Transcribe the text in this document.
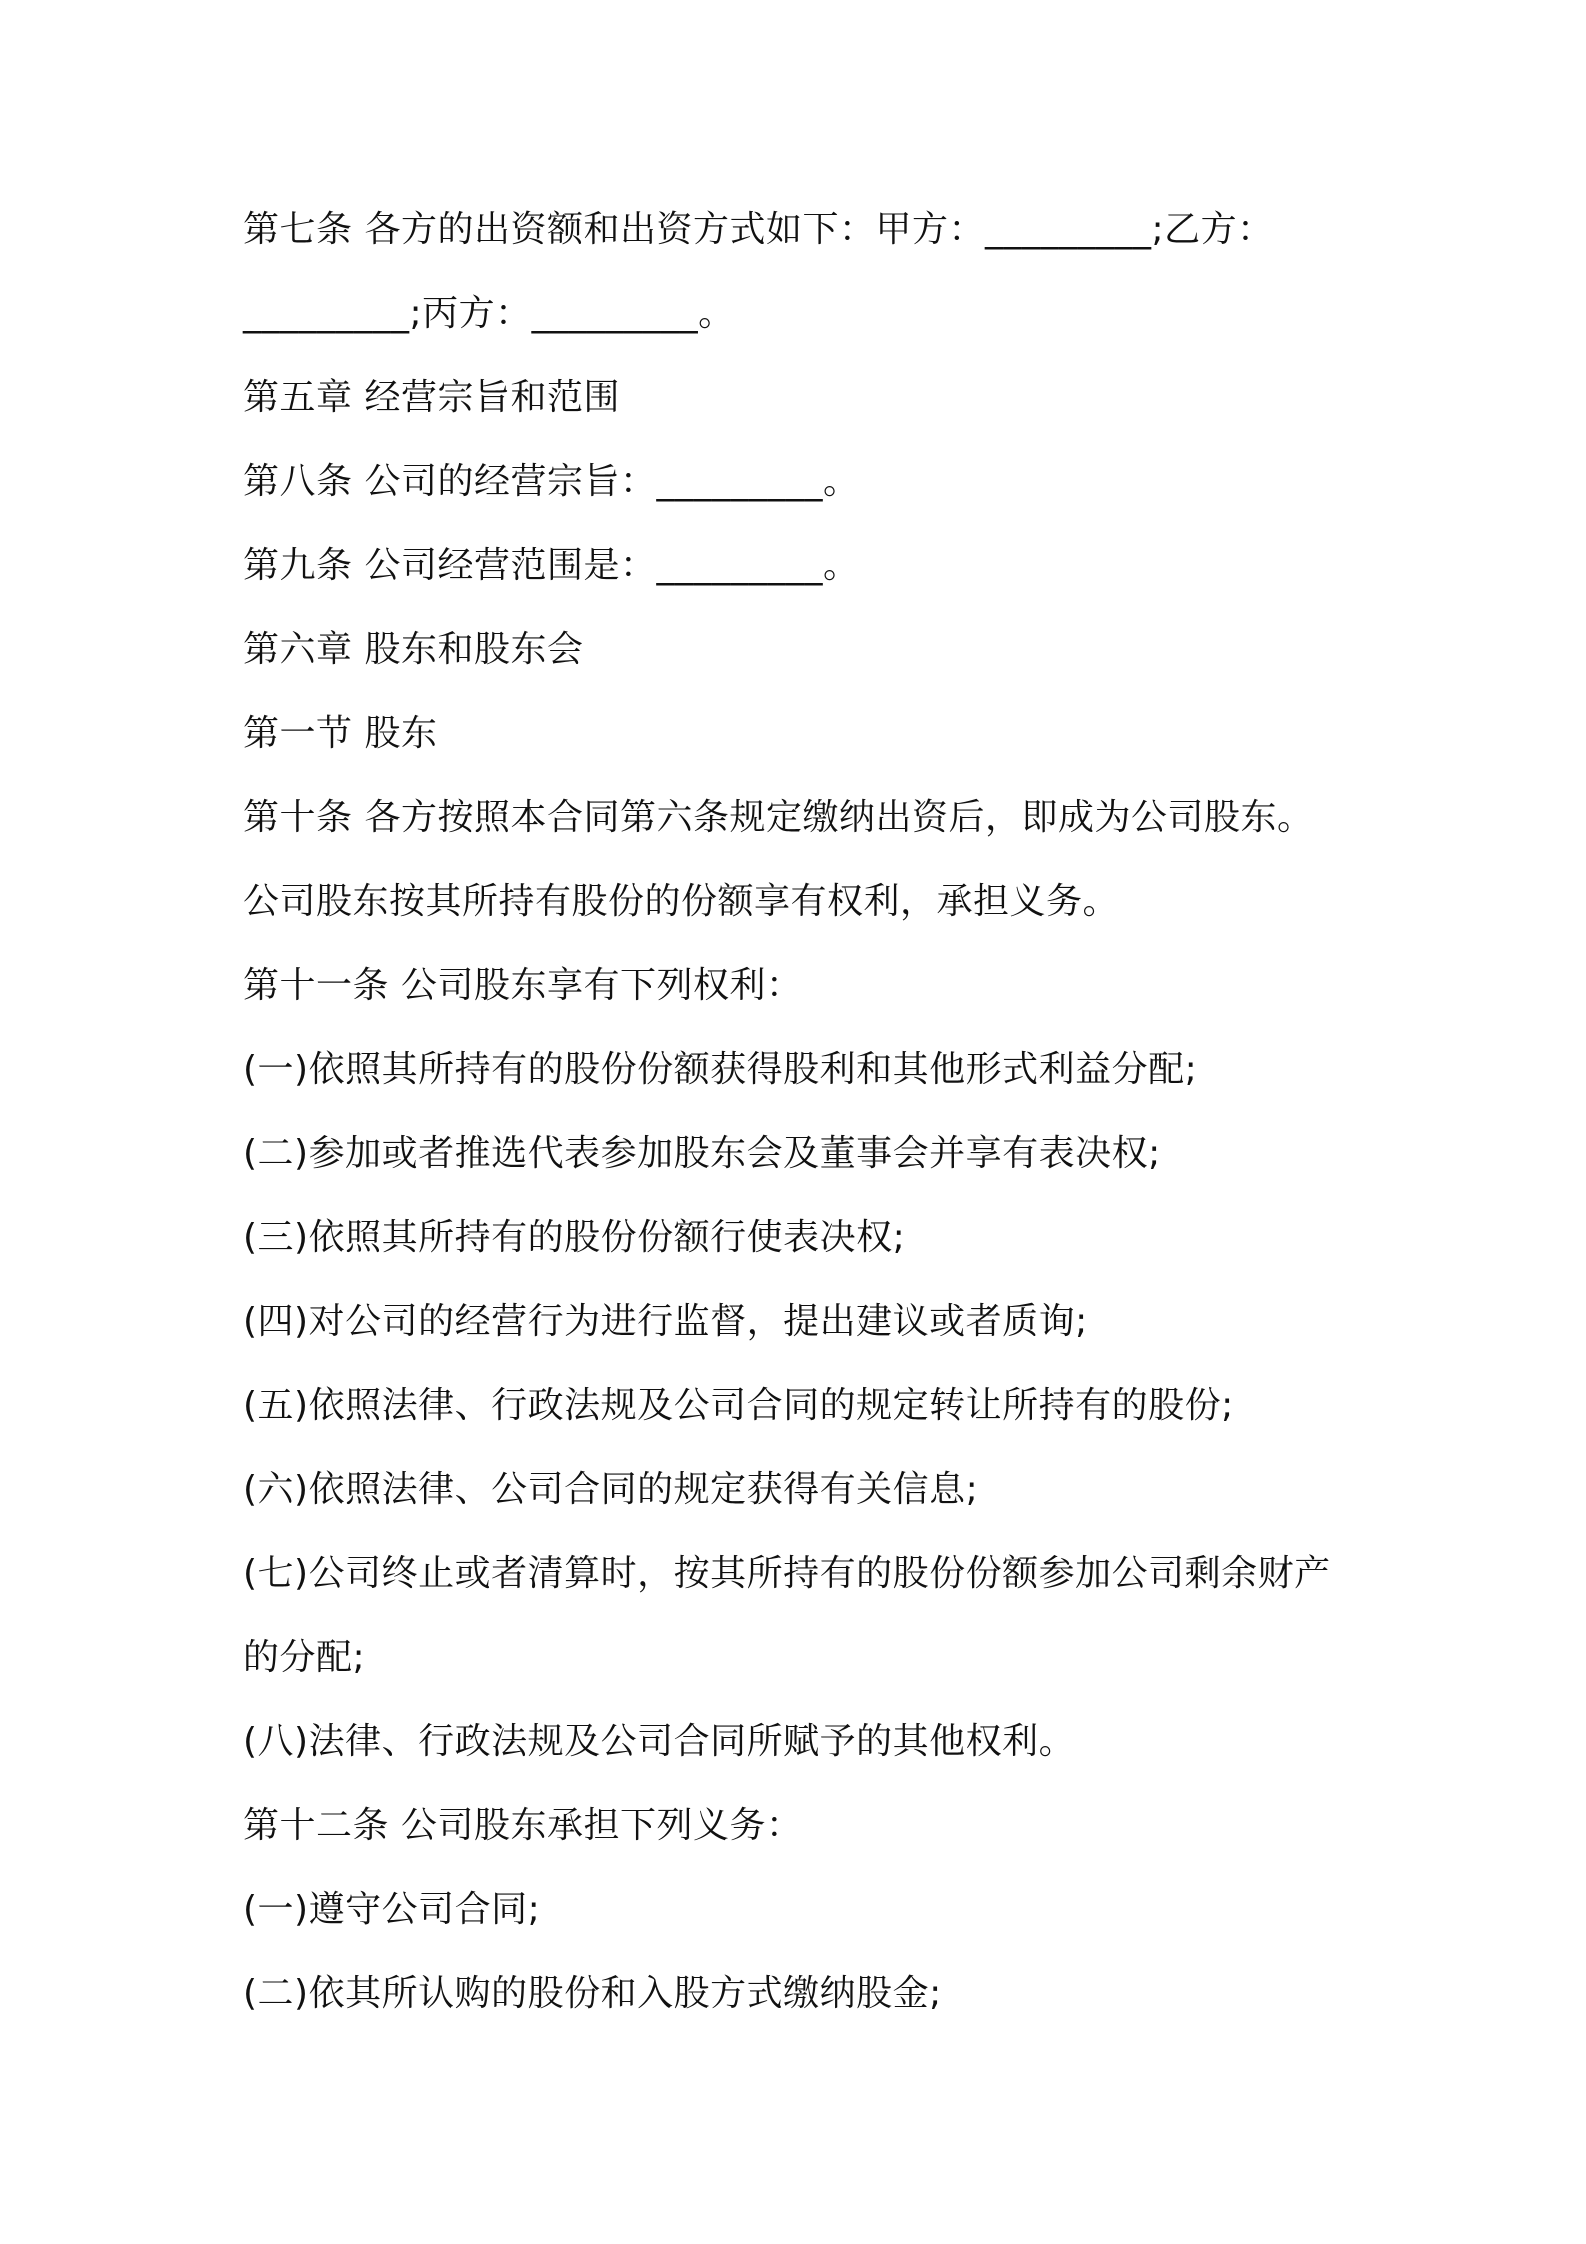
第七条 各方的出资额和出资方式如下：甲方：_________;乙方：
_________;丙方：_________。
第五章 经营宗旨和范围
第八条 公司的经营宗旨：_________。
第九条 公司经营范围是：_________。
第六章 股东和股东会
第一节 股东
第十条 各方按照本合同第六条规定缴纳出资后，即成为公司股东。
公司股东按其所持有股份的份额享有权利，承担义务。
第十一条 公司股东享有下列权利：
(一)依照其所持有的股份份额获得股利和其他形式利益分配;
(二)参加或者推选代表参加股东会及董事会并享有表决权;
(三)依照其所持有的股份份额行使表决权;
(四)对公司的经营行为进行监督，提出建议或者质询;
(五)依照法律、行政法规及公司合同的规定转让所持有的股份;
(六)依照法律、公司合同的规定获得有关信息;
(七)公司终止或者清算时，按其所持有的股份份额参加公司剩余财产
的分配;
(八)法律、行政法规及公司合同所赋予的其他权利。
第十二条 公司股东承担下列义务：
(一)遵守公司合同;
(二)依其所认购的股份和入股方式缴纳股金;
